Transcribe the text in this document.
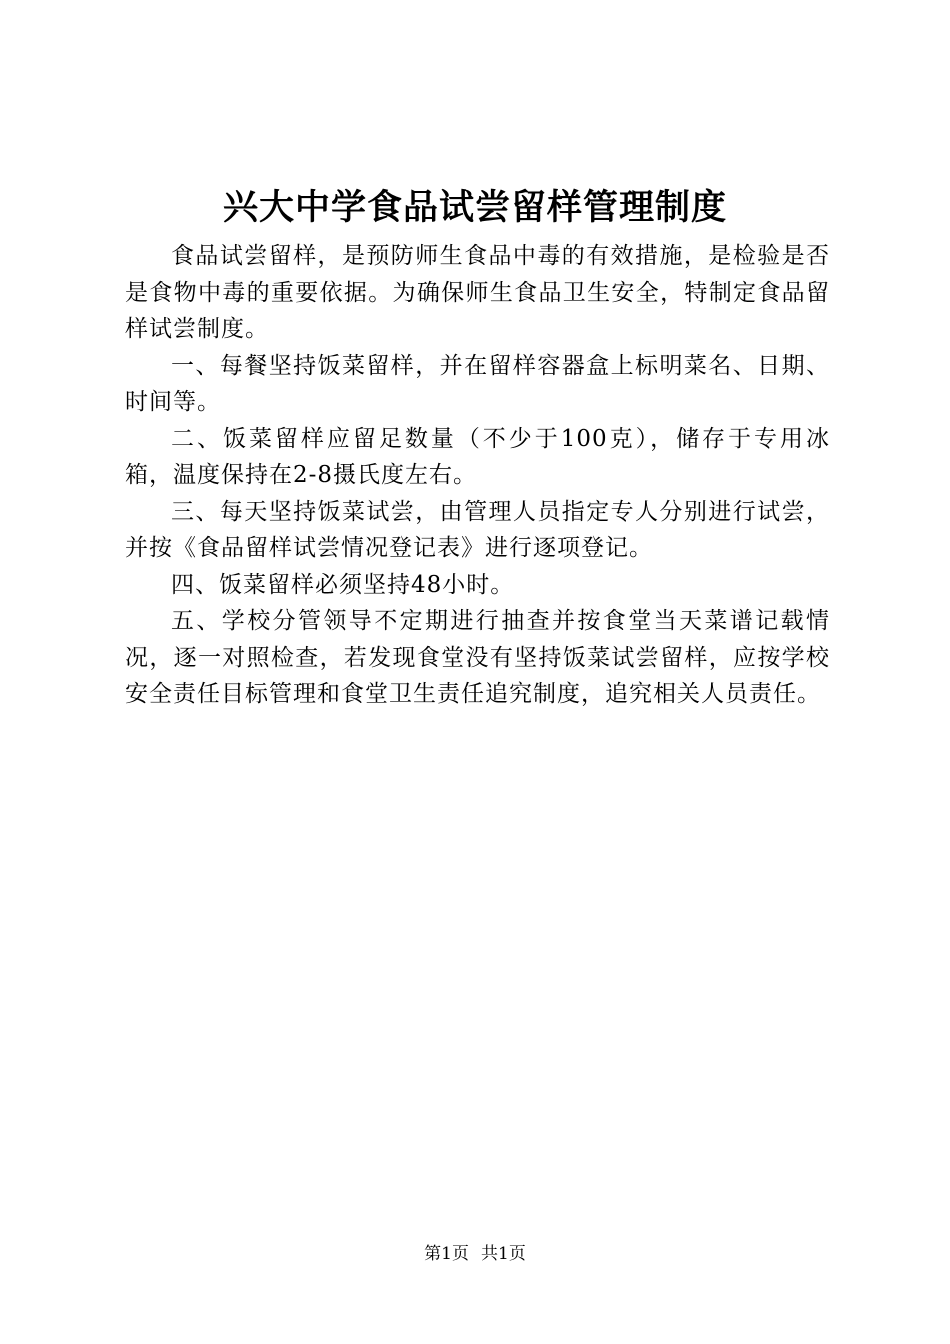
兴大中学食品试尝留样管理制度

食品试尝留样，是预防师生食品中毒的有效措施，是检验是否是食物中毒的重要依据。为确保师生食品卫生安全，特制定食品留样试尝制度。

一、每餐坚持饭菜留样，并在留样容器盒上标明菜名、日期、时间等。

二、饭菜留样应留足数量（不少于100克），储存于专用冰箱，温度保持在2-8摄氏度左右。

三、每天坚持饭菜试尝，由管理人员指定专人分别进行试尝，并按《食品留样试尝情况登记表》进行逐项登记。

四、饭菜留样必须坚持48小时。

五、学校分管领导不定期进行抽查并按食堂当天菜谱记载情况，逐一对照检查，若发现食堂没有坚持饭菜试尝留样，应按学校安全责任目标管理和食堂卫生责任追究制度，追究相关人员责任。

第1页 共1页
